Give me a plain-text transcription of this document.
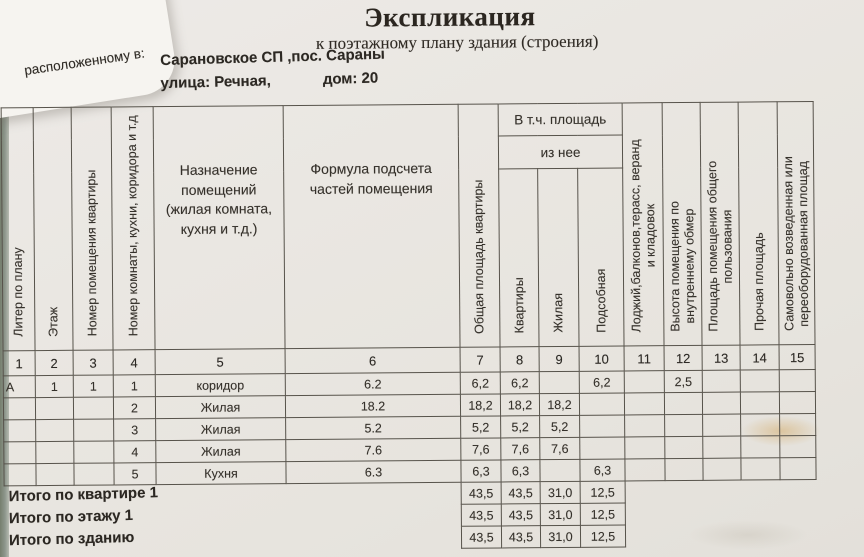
Экспликация
к поэтажному плану здания (строения)
расположенному в: Сарановское СП ,пос. Сараны
улица: Речная,	дом: 20
Литер по плану	Этаж	Номер помещения квартиры	Номер комнаты, кухни, коридора и т.д	Назначение
помещений
(жилая комната,
кухня и т.д.)	Формула подсчета
частей помещения	Общая площадь квартиры	В т.ч. площадь			Лоджий,балконов,терасс, веранд
и кладовок	Высота помещения по
внутреннему обмер	Площадь помещения общего
пользования	Прочая площадь	Самовольно возведенная или
переоборудованная площад
							из нее							
							Квартиры	Жилая	Подсобная					
1	2	3	4	5	6	7	8	9	10	11	12	13	14	15
А	1	1	1	коридор	6.2	6,2	6,2		6,2		2,5			
			2	Жилая	18.2	18,2	18,2	18,2						
			3	Жилая	5.2	5,2	5,2	5,2						
			4	Жилая	7.6	7,6	7,6	7,6						
			5	Кухня	6.3	6,3	6,3		6,3					
Итого по квартире 1						43,5	43,5	31,0	12,5					
Итого по этажу 1						43,5	43,5	31,0	12,5					
Итого по зданию						43,5	43,5	31,0	12,5					
